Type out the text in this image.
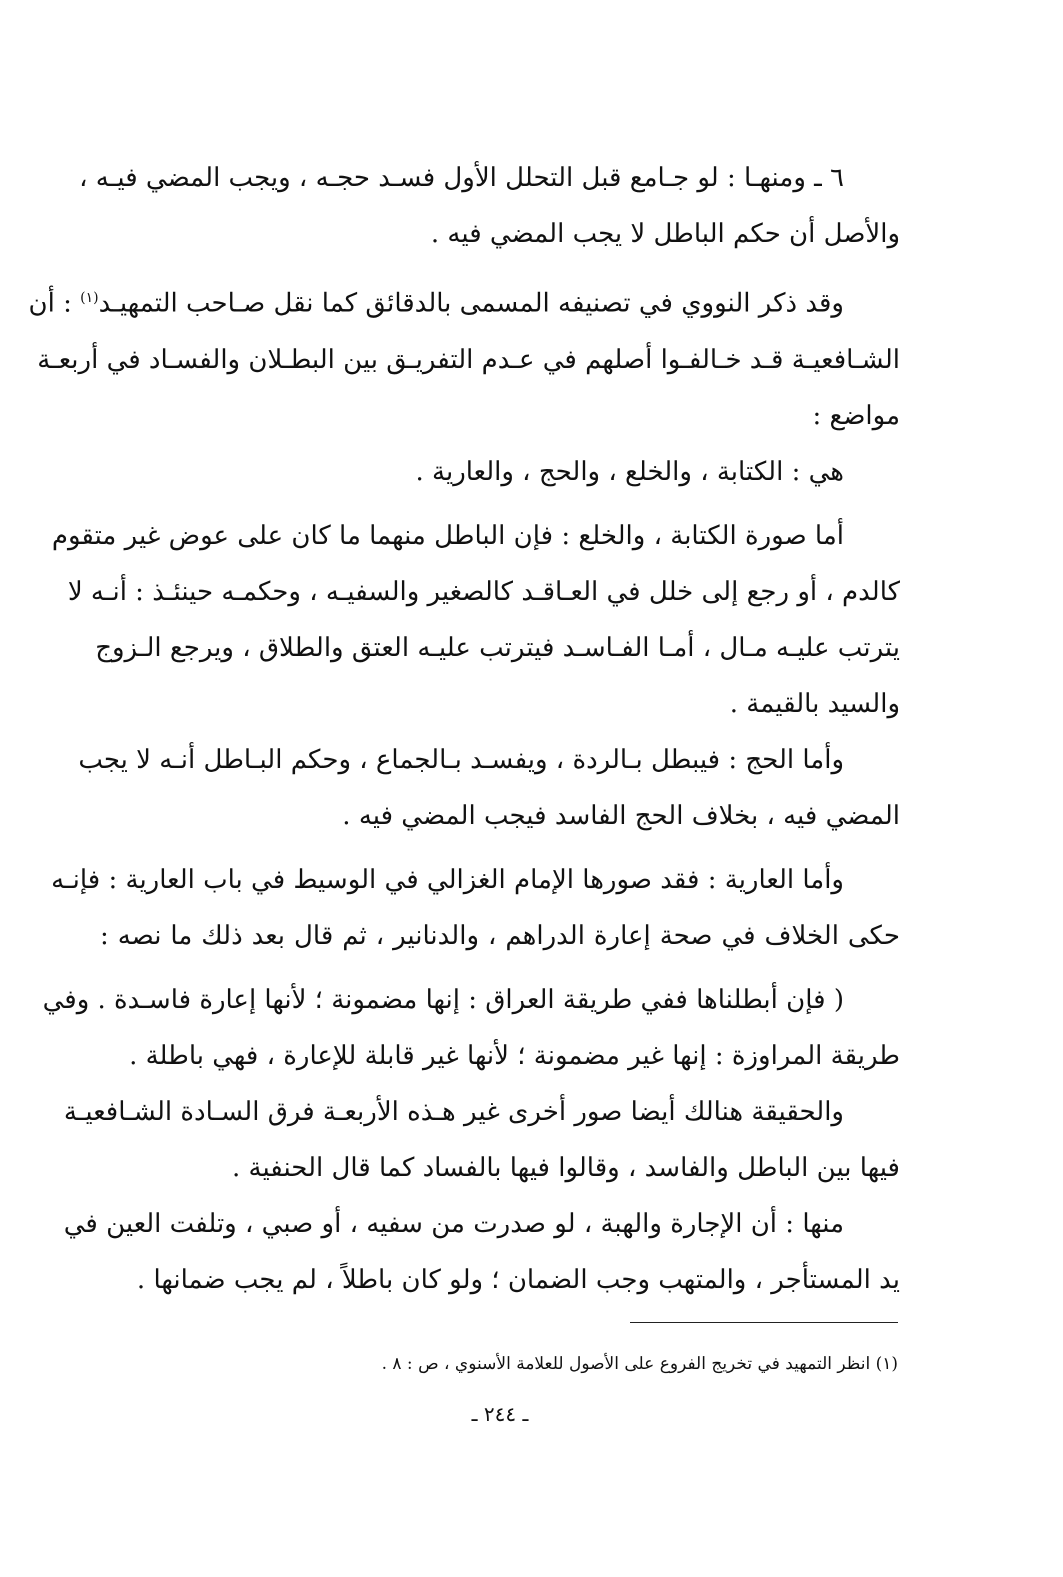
٦ ـ ومنهـا : لو جـامع قبل التحلل الأول فسـد حجـه ، ويجب المضي فيـه ،
والأصل أن حكم الباطل لا يجب المضي فيه .
وقد ذكر النووي في تصنيفه المسمى بالدقائق كما نقل صـاحب التمهيـد$^{(١)}$ : أن
الشـافعيـة قـد خـالفـوا أصلهم في عـدم التفريـق بين البطـلان والفسـاد في أربعـة
مواضع :
هي : الكتابة ، والخلع ، والحج ، والعارية .
أما صورة الكتابة ، والخلع : فإن الباطل منهما ما كان على عوض غير متقوم
كالدم ، أو رجع إلى خلل في العـاقـد كالصغير والسفيـه ، وحكمـه حينئـذ : أنـه لا
يترتب عليـه مـال ، أمـا الفـاسـد فيترتب عليـه العتق والطلاق ، ويرجع الـزوج
والسيد بالقيمة .
وأما الحج : فيبطل بـالردة ، ويفسـد بـالجماع ، وحكم البـاطل أنـه لا يجب
المضي فيه ، بخلاف الحج الفاسد فيجب المضي فيه .
وأما العارية : فقد صورها الإمام الغزالي في الوسيط في باب العارية : فإنـه
حكى الخلاف في صحة إعارة الدراهم ، والدنانير ، ثم قال بعد ذلك ما نصه :
( فإن أبطلناها ففي طريقة العراق : إنها مضمونة ؛ لأنها إعارة فاسـدة . وفي
طريقة المراوزة : إنها غير مضمونة ؛ لأنها غير قابلة للإعارة ، فهي باطلة .
والحقيقة هنالك أيضا صور أخرى غير هـذه الأربعـة فرق السـادة الشـافعيـة
فيها بين الباطل والفاسد ، وقالوا فيها بالفساد كما قال الحنفية .
منها : أن الإجارة والهبة ، لو صدرت من سفيه ، أو صبي ، وتلفت العين في
يد المستأجر ، والمتهب وجب الضمان ؛ ولو كان باطلاً ، لم يجب ضمانها .
(١) انظر التمهيد في تخريج الفروع على الأصول للعلامة الأسنوي ، ص : ٨ .
ـ ٢٤٤ ـ
